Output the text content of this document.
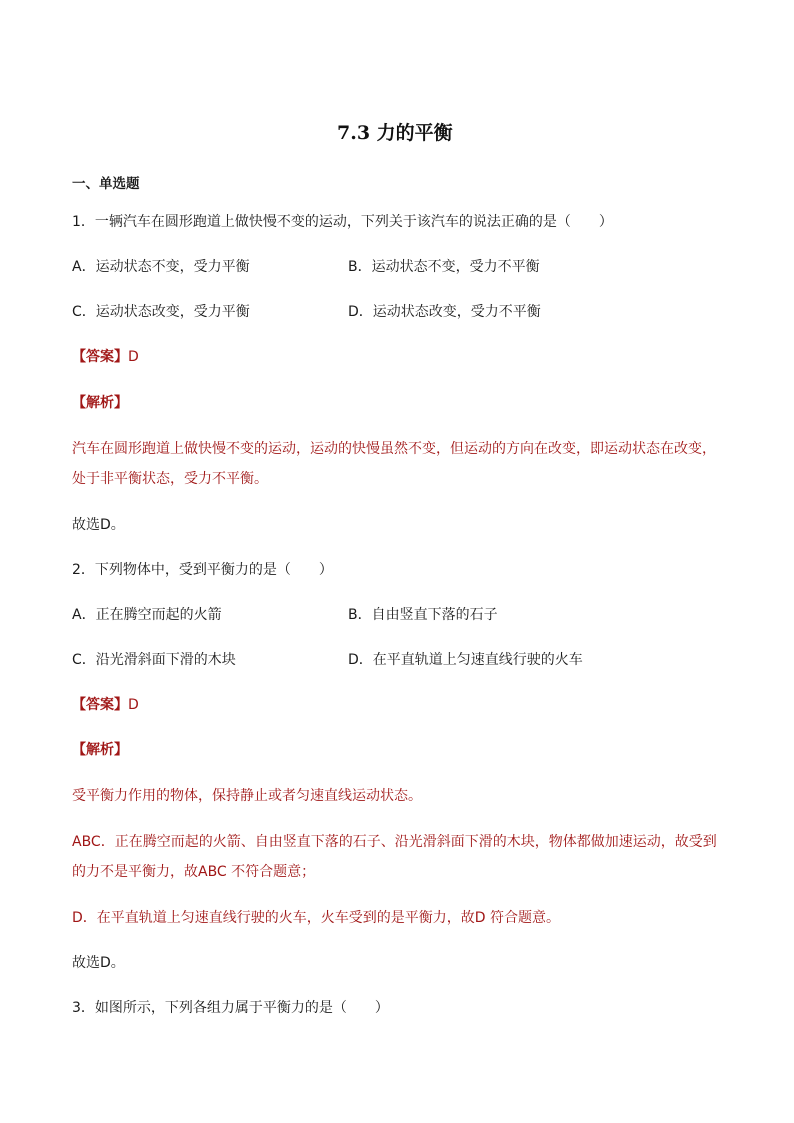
7.3 力的平衡
一、单选题
1．一辆汽车在圆形跑道上做快慢不变的运动，下列关于该汽车的说法正确的是（　　）
A．运动状态不变，受力平衡	B．运动状态不变，受力不平衡
C．运动状态改变，受力平衡	D．运动状态改变，受力不平衡
【答案】D
【解析】
汽车在圆形跑道上做快慢不变的运动，运动的快慢虽然不变，但运动的方向在改变，即运动状态在改变，
处于非平衡状态，受力不平衡。
故选D。
2．下列物体中，受到平衡力的是（　　）
A．正在腾空而起的火箭	B．自由竖直下落的石子
C．沿光滑斜面下滑的木块	D．在平直轨道上匀速直线行驶的火车
【答案】D
【解析】
受平衡力作用的物体，保持静止或者匀速直线运动状态。
ABC．正在腾空而起的火箭、自由竖直下落的石子、沿光滑斜面下滑的木块，物体都做加速运动，故受到
的力不是平衡力，故ABC 不符合题意；
D．在平直轨道上匀速直线行驶的火车，火车受到的是平衡力，故D 符合题意。
故选D。
3．如图所示，下列各组力属于平衡力的是（　　）
